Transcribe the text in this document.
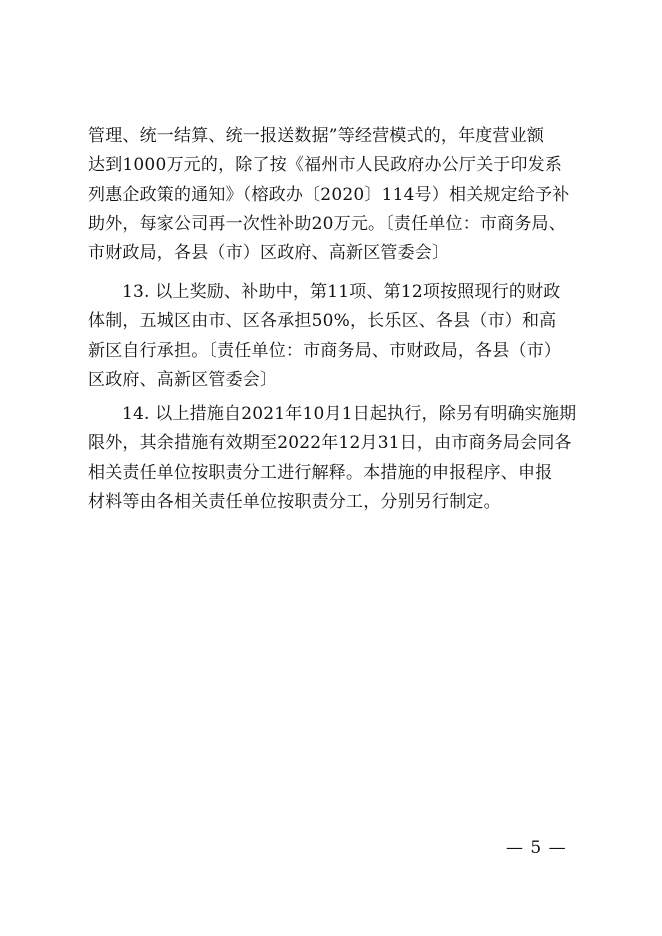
管理、统一结算、统一报送数据”等经营模式的，年度营业额
达到1000万元的，除了按《福州市人民政府办公厅关于印发系
列惠企政策的通知》（榕政办〔2020〕114号）相关规定给予补
助外，每家公司再一次性补助20万元。〔责任单位：市商务局、
市财政局，各县（市）区政府、高新区管委会〕

13. 以上奖励、补助中，第11项、第12项按照现行的财政
体制，五城区由市、区各承担50%，长乐区、各县（市）和高
新区自行承担。〔责任单位：市商务局、市财政局，各县（市）
区政府、高新区管委会〕

14. 以上措施自2021年10月1日起执行，除另有明确实施期
限外，其余措施有效期至2022年12月31日，由市商务局会同各
相关责任单位按职责分工进行解释。本措施的申报程序、申报
材料等由各相关责任单位按职责分工，分别另行制定。

— 5 —
